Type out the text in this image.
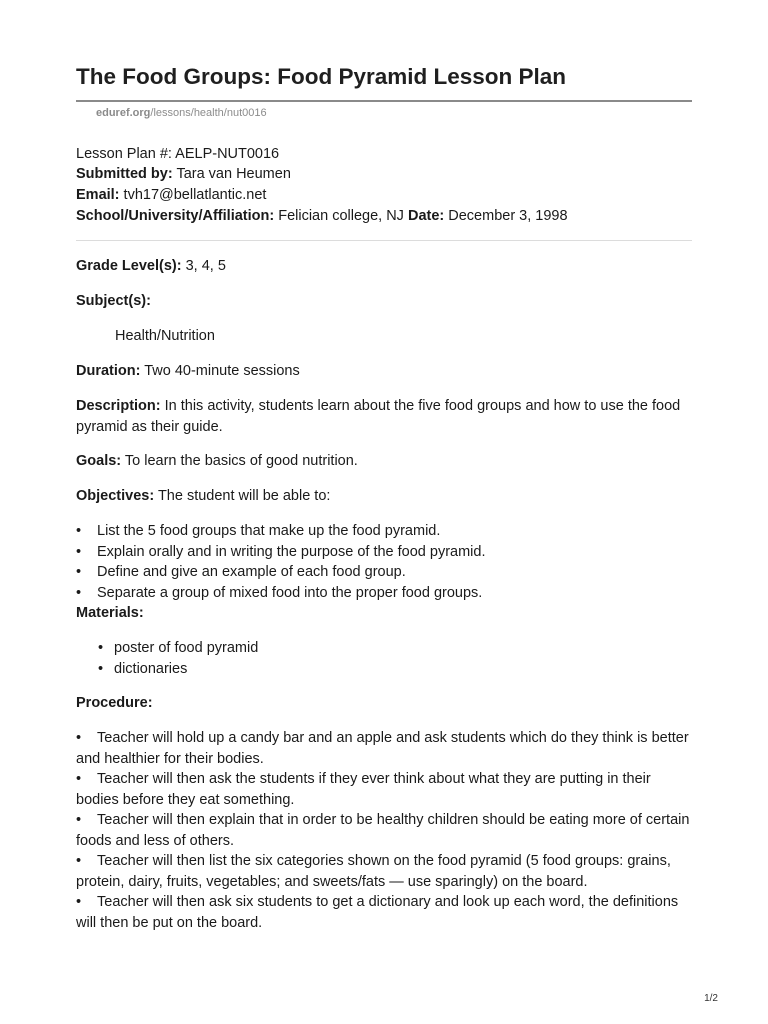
The Food Groups: Food Pyramid Lesson Plan
eduref.org/lessons/health/nut0016
Lesson Plan #: AELP-NUT0016
Submitted by: Tara van Heumen
Email: tvh17@bellatlantic.net
School/University/Affiliation: Felician college, NJ Date: December 3, 1998
Grade Level(s): 3, 4, 5
Subject(s):
Health/Nutrition
Duration: Two 40-minute sessions
Description: In this activity, students learn about the five food groups and how to use the food pyramid as their guide.
Goals: To learn the basics of good nutrition.
Objectives: The student will be able to:
• List the 5 food groups that make up the food pyramid.
• Explain orally and in writing the purpose of the food pyramid.
• Define and give an example of each food group.
• Separate a group of mixed food into the proper food groups.
Materials:
• poster of food pyramid
• dictionaries
Procedure:

• Teacher will hold up a candy bar and an apple and ask students which do they think is better and healthier for their bodies.

• Teacher will then ask the students if they ever think about what they are putting in their bodies before they eat something.

• Teacher will then explain that in order to be healthy children should be eating more of certain foods and less of others.

• Teacher will then list the six categories shown on the food pyramid (5 food groups: grains, protein, dairy, fruits, vegetables; and sweets/fats — use sparingly) on the board.

• Teacher will then ask six students to get a dictionary and look up each word, the definitions will then be put on the board.

1/2
